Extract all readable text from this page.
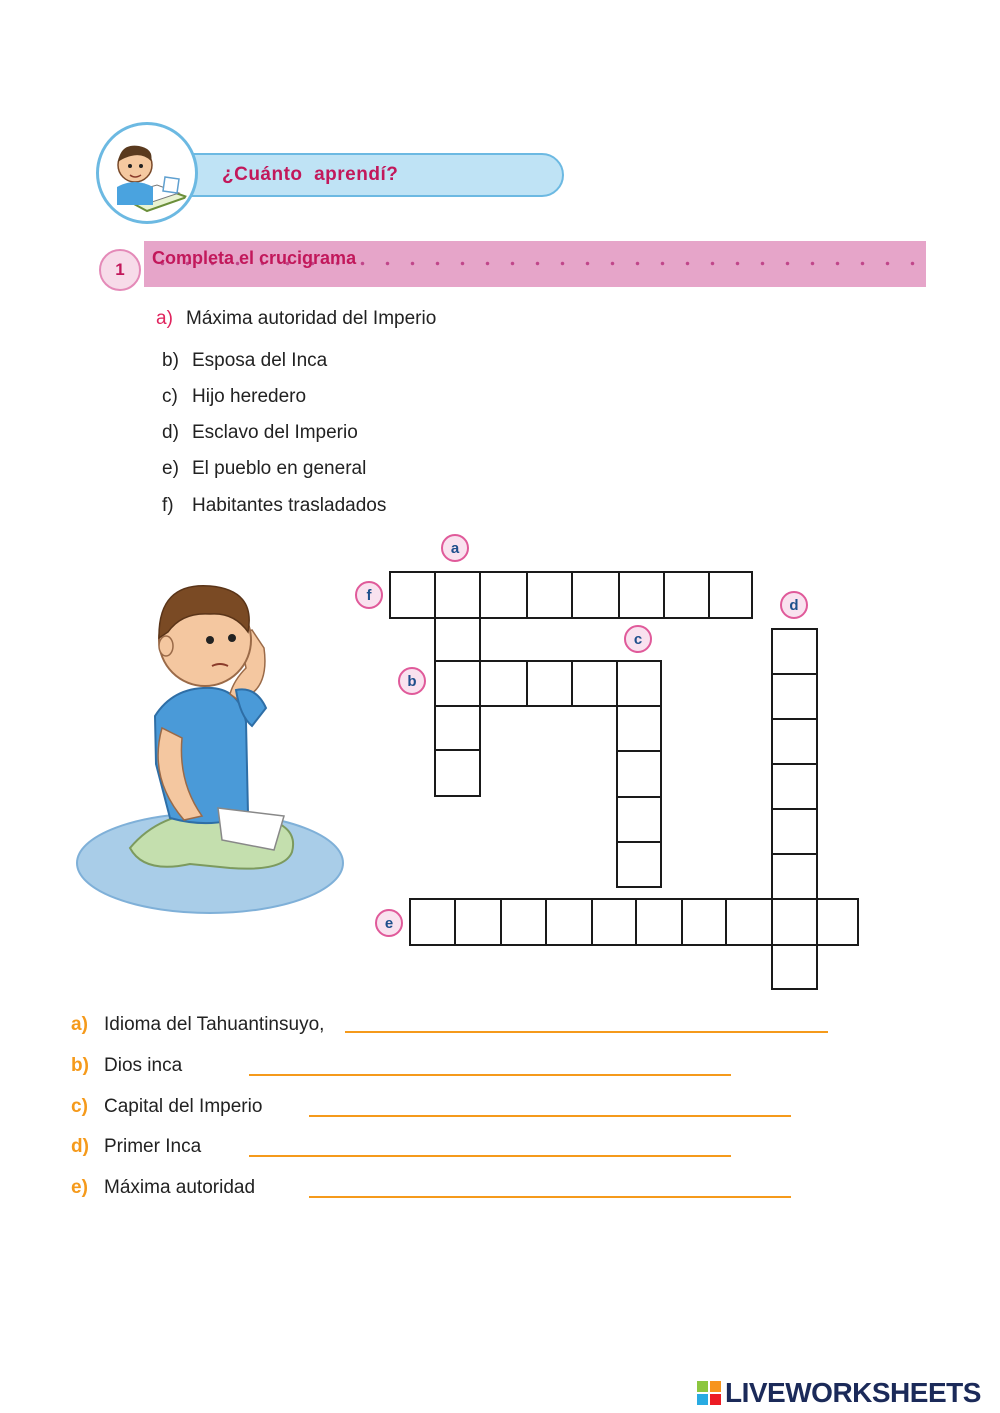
¿Cuánto  aprendí?
Completa el crucigrama
1
a) Máxima autoridad del Imperio
b) Esposa del Inca
c) Hijo heredero
d) Esclavo del Imperio
e) El pueblo en general
f) Habitantes trasladados
a
f
c
d
b
e
a) Idioma del Tahuantinsuyo,
b) Dios inca
c) Capital del Imperio
d) Primer Inca
e) Máxima autoridad
LIVEWORKSHEETS
